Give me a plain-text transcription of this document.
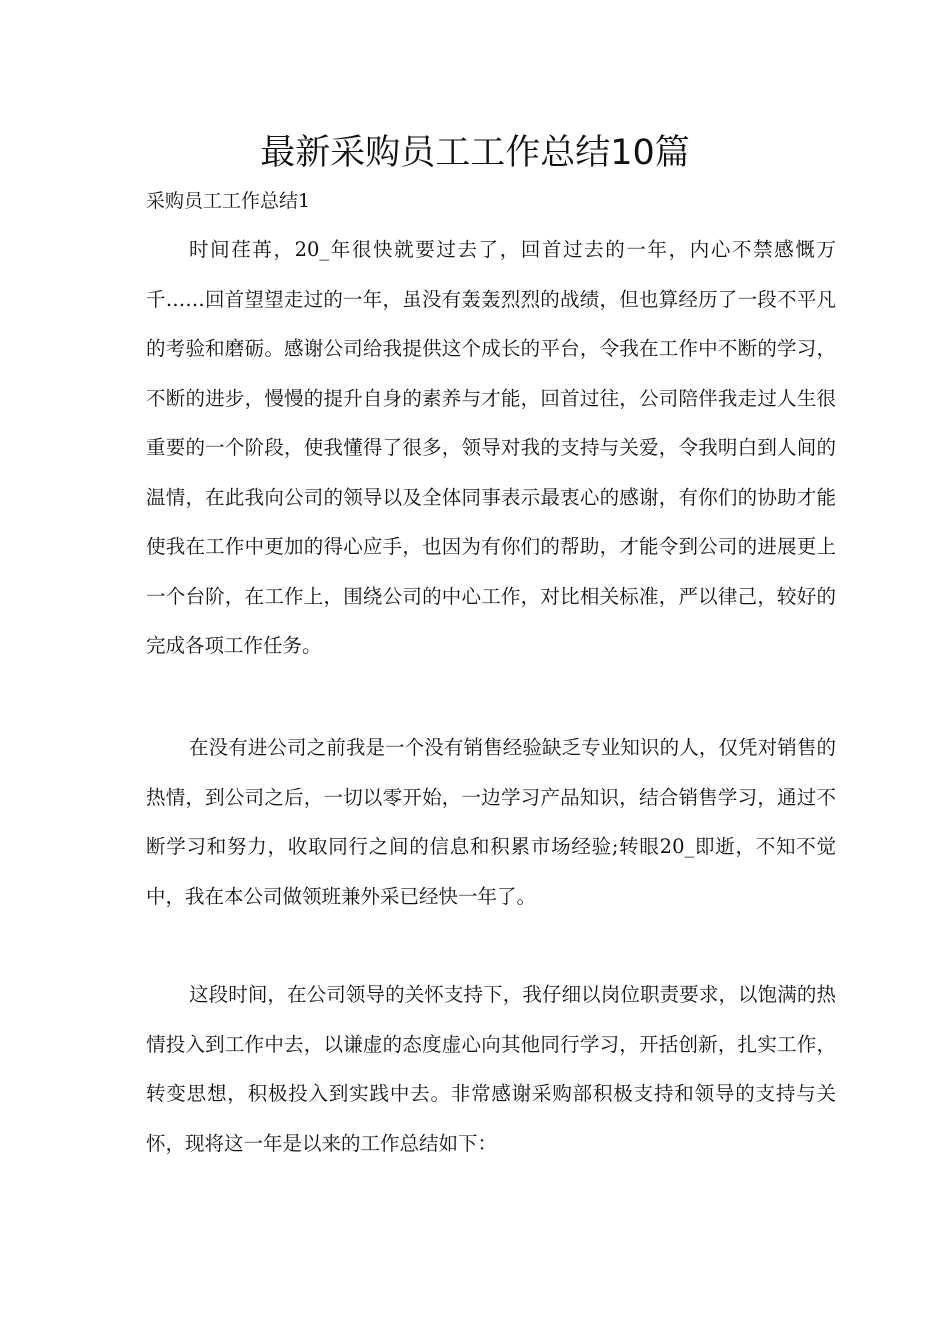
最新采购员工工作总结10篇

采购员工工作总结1

时间荏苒，20_年很快就要过去了，回首过去的一年，内心不禁感慨万千……回首望望走过的一年，虽没有轰轰烈烈的战绩，但也算经历了一段不平凡的考验和磨砺。感谢公司给我提供这个成长的平台，令我在工作中不断的学习，不断的进步，慢慢的提升自身的素养与才能，回首过往，公司陪伴我走过人生很重要的一个阶段，使我懂得了很多，领导对我的支持与关爱，令我明白到人间的温情，在此我向公司的领导以及全体同事表示最衷心的感谢，有你们的协助才能使我在工作中更加的得心应手，也因为有你们的帮助，才能令到公司的进展更上一个台阶，在工作上，围绕公司的中心工作，对比相关标准，严以律己，较好的完成各项工作任务。

在没有进公司之前我是一个没有销售经验缺乏专业知识的人，仅凭对销售的热情，到公司之后，一切以零开始，一边学习产品知识，结合销售学习，通过不断学习和努力，收取同行之间的信息和积累市场经验;转眼20_即逝，不知不觉中，我在本公司做领班兼外采已经快一年了。

这段时间，在公司领导的关怀支持下，我仔细以岗位职责要求，以饱满的热情投入到工作中去，以谦虚的态度虚心向其他同行学习，开括创新，扎实工作，转变思想，积极投入到实践中去。非常感谢采购部积极支持和领导的支持与关怀，现将这一年是以来的工作总结如下：
